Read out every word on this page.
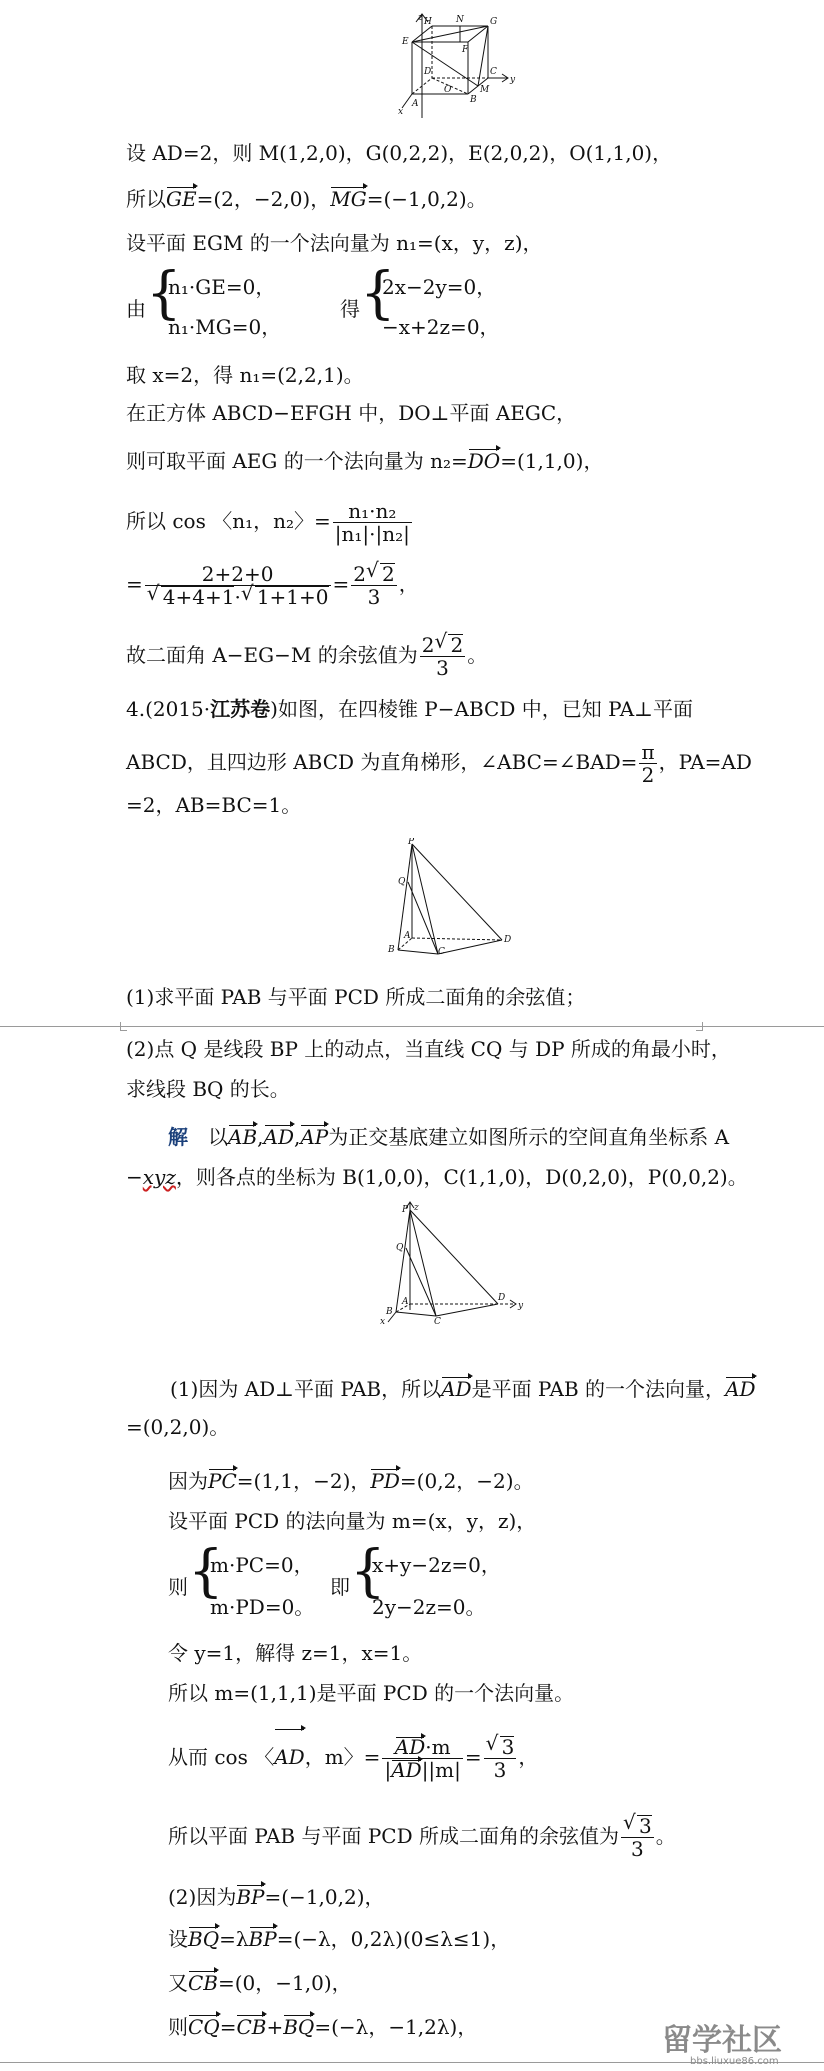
z H	N	G
E
F
D	C
y
O	M
B
A
x
设 AD=2，则 M(1,2,0)，G(0,2,2)，E(2,0,2)，O(1,1,0)，
所以GE=(2，−2,0)，MG=(−1,0,2)。
设平面 EGM 的一个法向量为 n₁=(x，y，z)，
由 {
n₁·GE=0，
n₁·MG=0，
得 {
2x−2y=0，
−x+2z=0，
取 x=2，得 n₁=(2,2,1)。
在正方体 ABCD−EFGH 中，DO⊥平面 AEGC，
则可取平面 AEG 的一个法向量为 n₂=DO=(1,1,0)，
所以 cos 〈n₁，n₂〉= $\frac{\text{n₁·n₂}}{\text{|n₁|·|n₂|}}$
= 2+2+0
√ 4+4+1· √ $1+1+0 = \frac{2 √ 2}{3}$ ，
故二面角 A−EG−M 的余弦值为 $\frac{2 √ 2}{3}$ 。
4.(2015·江苏卷)如图，在四棱锥 P−ABCD 中，已知 PA⊥平面
ABCD，且四边形 ABCD 为直角梯形，∠ABC=∠BAD= $\frac{\pi}{2}$ ，PA=AD
=2，AB=BC=1。
P
Q
A
B	C
D
(1)求平面 PAB 与平面 PCD 所成二面角的余弦值；
(2)点 Q 是线段 BP 上的动点，当直线 CQ 与 DP 所成的角最小时，
求线段 BQ 的长。
解　以AB,AD,AP为正交基底建立如图所示的空间直角坐标系 A
−xyz，则各点的坐标为 B(1,0,0)，C(1,1,0)，D(0,2,0)，P(0,0,2)。
z
P
Q
A
B
C
D
y
x
(1)因为 AD⊥平面 PAB，所以AD是平面 PAB 的一个法向量，AD
=(0,2,0)。
因为PC=(1,1，−2)，PD=(0,2，−2)。
设平面 PCD 的法向量为 m=(x，y，z)，
则 {
m·PC=0，
m·PD=0。
即 {
x+y−2z=0，
2y−2z=0。
令 y=1，解得 z=1，x=1。
所以 m=(1,1,1)是平面 PCD 的一个法向量。
从而 cos 〈AD，m〉= $\frac{AD\cdot m}{|AD||m|}$ = √ $\frac{3}{3}$ ，
所以平面 PAB 与平面 PCD 所成二面角的余弦值为 √ $\frac{3}{3}$ 。
(2)因为BP=(−1,0,2)，
设BQ=λBP=(−λ，0,2λ)(0≤λ≤1)，
又CB=(0，−1,0)，
则CQ=CB+BQ=(−λ，−1,2λ)，	留学社区
bbs.liuxue86.com
